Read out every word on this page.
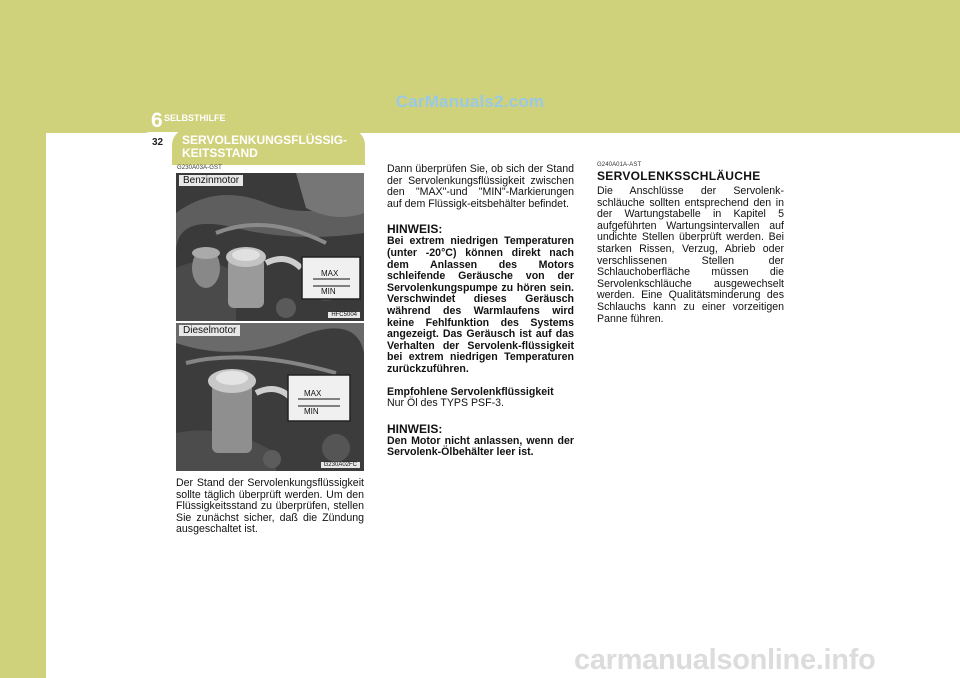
CarManuals2.com
6 SELBSTHILFE
32 SERVOLENKUNGSFLÜSSIG-KEITSSTAND
G230A03A-GST
MAX
MIN
Benzinmotor
HFC5004
MAX
MIN
Dieselmotor
G230A02FC
Der Stand der Servolenkungsflüssigkeit sollte täglich überprüft werden. Um den Flüssigkeitsstand zu überprüfen, stellen Sie zunächst sicher, daß die Zündung ausgeschaltet ist.
Dann überprüfen Sie, ob sich der Stand der Servolenkungsflüssigkeit zwischen den "MAX"-und "MIN"-Markierungen auf dem Flüssigk-eitsbehälter befindet.
HINWEIS:
Bei extrem niedrigen Temperaturen (unter -20°C) können direkt nach dem Anlassen des Motors schleifende Geräusche von der Servolenkungspumpe zu hören sein. Verschwindet dieses Geräusch während des Warmlaufens wird keine Fehlfunktion des Systems angezeigt. Das Geräusch ist auf das Verhalten der Servolenk-flüssigkeit bei extrem niedrigen Temperaturen zurückzuführen.
Empfohlene Servolenkflüssigkeit
Nur Öl des TYPS PSF-3.
HINWEIS:
Den Motor nicht anlassen, wenn der Servolenk-Ölbehälter leer ist.
G240A01A-AST
SERVOLENKSSCHLÄUCHE
Die Anschlüsse der Servolenk-schläuche sollten entsprechend den in der Wartungstabelle in Kapitel 5 aufgeführten Wartungsintervallen auf undichte Stellen überprüft werden. Bei starken Rissen, Verzug, Abrieb oder verschlissenen Stellen der Schlauchoberfläche müssen die Servolenkschläuche ausgewechselt werden. Eine Qualitätsminderung des Schlauchs kann zu einer vorzeitigen Panne führen.
carmanualsonline.info
